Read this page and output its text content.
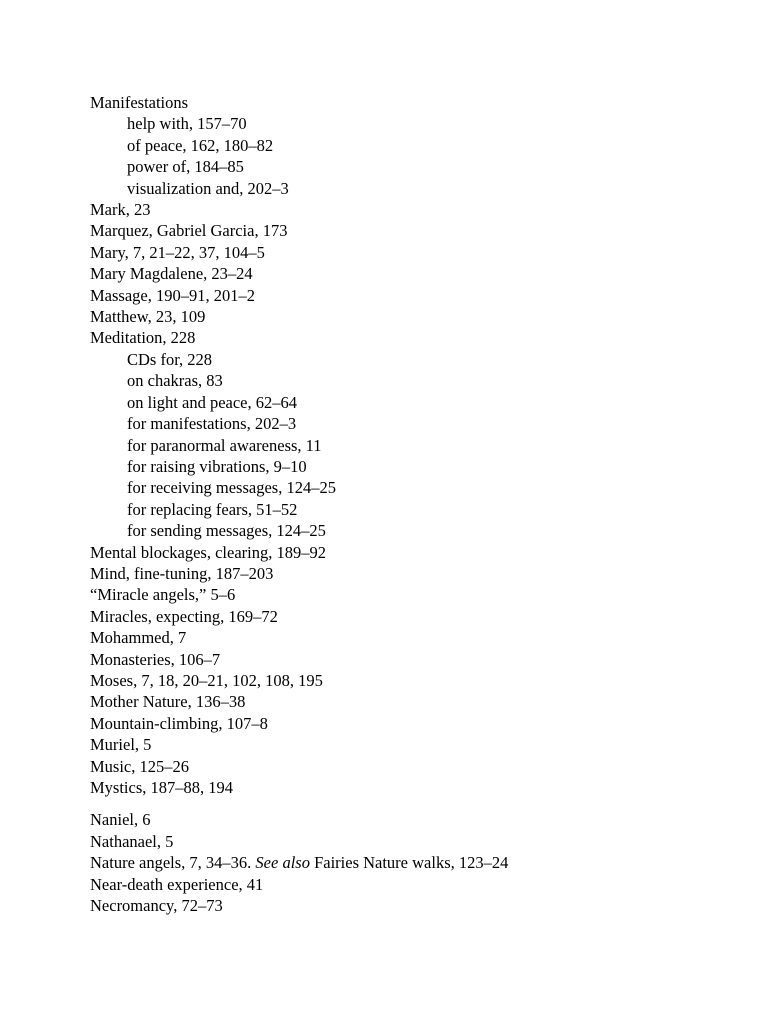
Manifestations
help with, 157–70
of peace, 162, 180–82
power of, 184–85
visualization and, 202–3
Mark, 23
Marquez, Gabriel Garcia, 173
Mary, 7, 21–22, 37, 104–5
Mary Magdalene, 23–24
Massage, 190–91, 201–2
Matthew, 23, 109
Meditation, 228
CDs for, 228
on chakras, 83
on light and peace, 62–64
for manifestations, 202–3
for paranormal awareness, 11
for raising vibrations, 9–10
for receiving messages, 124–25
for replacing fears, 51–52
for sending messages, 124–25
Mental blockages, clearing, 189–92
Mind, fine-tuning, 187–203
“Miracle angels,” 5–6
Miracles, expecting, 169–72
Mohammed, 7
Monasteries, 106–7
Moses, 7, 18, 20–21, 102, 108, 195
Mother Nature, 136–38
Mountain-climbing, 107–8
Muriel, 5
Music, 125–26
Mystics, 187–88, 194
Naniel, 6
Nathanael, 5
Nature angels, 7, 34–36. See also Fairies Nature walks, 123–24
Near-death experience, 41
Necromancy, 72–73
